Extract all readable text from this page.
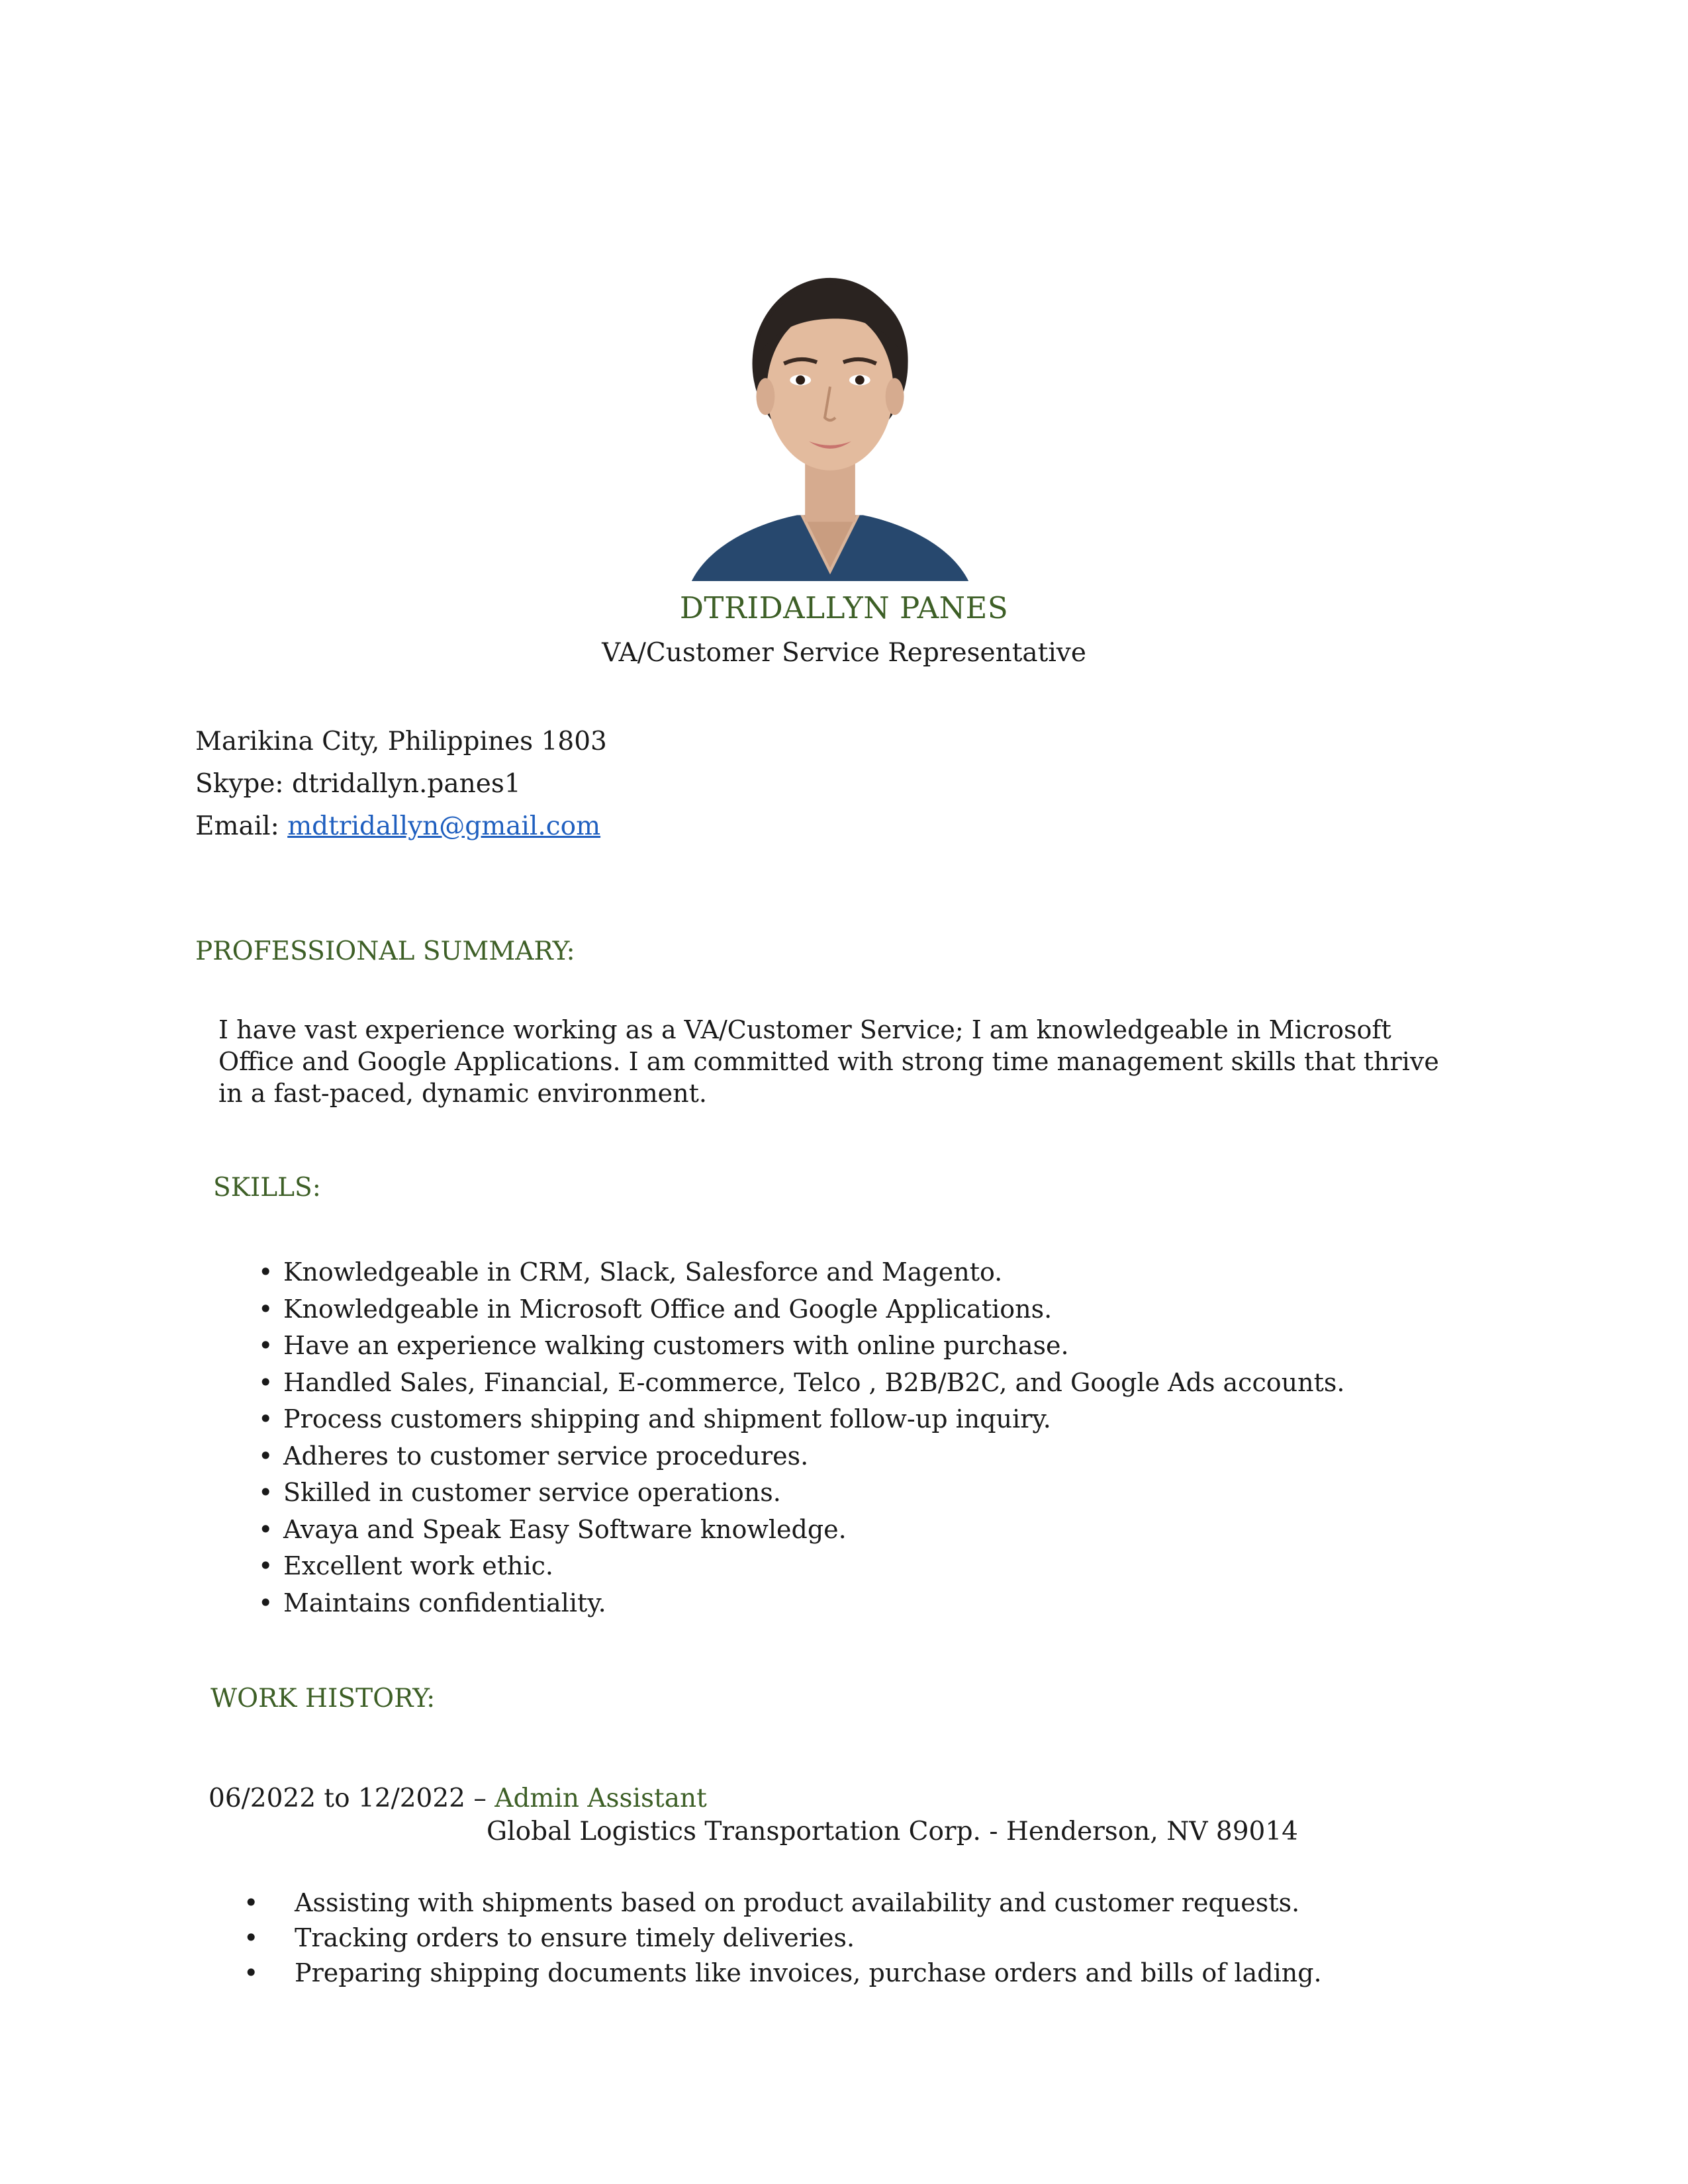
DTRIDALLYN PANES
VA/Customer Service Representative
Marikina City, Philippines 1803
Skype: dtridallyn.panes1
Email: mdtridallyn@gmail.com
PROFESSIONAL SUMMARY:
I have vast experience working as a VA/Customer Service; I am knowledgeable in Microsoft Office and Google Applications. I am committed with strong time management skills that thrive in a fast-paced, dynamic environment.
SKILLS:
• Knowledgeable in CRM, Slack, Salesforce and Magento.
• Knowledgeable in Microsoft Office and Google Applications.
• Have an experience walking customers with online purchase.
• Handled Sales, Financial, E-commerce, Telco , B2B/B2C, and Google Ads accounts.
• Process customers shipping and shipment follow-up inquiry.
• Adheres to customer service procedures.
• Skilled in customer service operations.
• Avaya and Speak Easy Software knowledge.
• Excellent work ethic.
• Maintains confidentiality.
WORK HISTORY:
06/2022 to 12/2022 – Admin Assistant
Global Logistics Transportation Corp. - Henderson, NV 89014
• Assisting with shipments based on product availability and customer requests.
• Tracking orders to ensure timely deliveries.
• Preparing shipping documents like invoices, purchase orders and bills of lading.
